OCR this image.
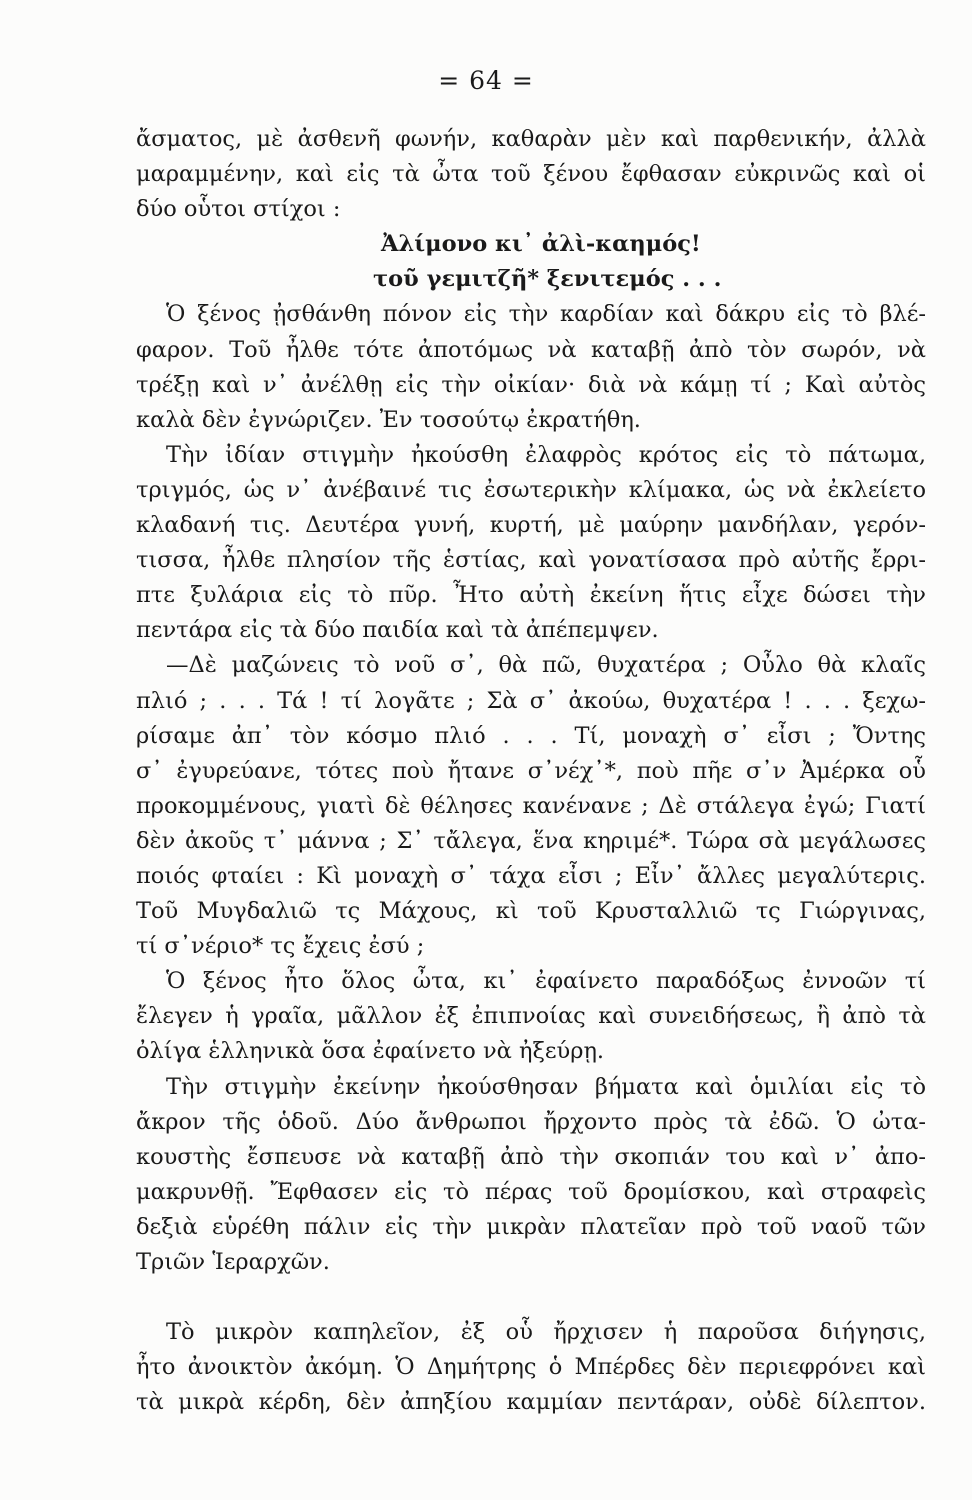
= 64 =
ἄσματος, μὲ ἀσθενῆ φωνήν, καθαρὰν μὲν καὶ παρθενικήν, ἀλλὰ
μαραμμένην, καὶ εἰς τὰ ὦτα τοῦ ξένου ἔφθασαν εὐκρινῶς καὶ οἱ
δύο οὗτοι στίχοι :
Ἀλίμονο κι᾿ ἀλὶ-καημός!
τοῦ γεμιτζῆ* ξενιτεμός . . .
Ὁ ξένος ᾐσθάνθη πόνον εἰς τὴν καρδίαν καὶ δάκρυ εἰς τὸ βλέ-
φαρον. Τοῦ ἦλθε τότε ἀποτόμως νὰ καταβῇ ἀπὸ τὸν σωρόν, νὰ
τρέξῃ καὶ ν᾿ ἀνέλθῃ εἰς τὴν οἰκίαν· διὰ νὰ κάμῃ τί ; Καὶ αὐτὸς
καλὰ δὲν ἐγνώριζεν. Ἐν τοσούτῳ ἐκρατήθη.
Τὴν ἰδίαν στιγμὴν ἠκούσθη ἐλαφρὸς κρότος εἰς τὸ πάτωμα,
τριγμός, ὡς ν᾿ ἀνέβαινέ τις ἐσωτερικὴν κλίμακα, ὡς νὰ ἐκλείετο
κλαδανή τις. Δευτέρα γυνή, κυρτή, μὲ μαύρην μανδήλαν, γερόν-
τισσα, ἦλθε πλησίον τῆς ἑστίας, καὶ γονατίσασα πρὸ αὐτῆς ἔρρι-
πτε ξυλάρια εἰς τὸ πῦρ. Ἦτο αὐτὴ ἐκείνη ἥτις εἶχε δώσει τὴν
πεντάρα εἰς τὰ δύο παιδία καὶ τὰ ἀπέπεμψεν.
—Δὲ μαζώνεις τὸ νοῦ σ᾿, θὰ πῶ, θυχατέρα ; Οὖλο θὰ κλαῖς
πλιό ; . . . Τά ! τί λογᾶτε ; Σὰ σ᾿ ἀκούω, θυχατέρα ! . . . ξεχω-
ρίσαμε ἀπ᾿ τὸν κόσμο πλιό . . . Τί, μοναχὴ σ᾿ εἶσι ; Ὄντης
σ᾿ ἐγυρεύανε, τότες ποὺ ἤτανε σ᾿νέχ᾿*, ποὺ πῆε σ᾿ν Ἀμέρκα οὗ
προκομμένους, γιατὶ δὲ θέλησες κανένανε ; Δὲ στάλεγα ἐγώ; Γιατί
δὲν ἀκοῦς τ᾿ μάννα ; Σ᾿ τἄλεγα, ἕνα κηριμέ*. Τώρα σὰ μεγάλωσες
ποιός φταίει : Κὶ μοναχὴ σ᾿ τάχα εἶσι ; Εἶν᾿ ἄλλες μεγαλύτερις.
Τοῦ Μυγδαλιῶ τς Μάχους, κὶ τοῦ Κρυσταλλιῶ τς Γιώργινας,
τί σ᾿νέριο* τς ἔχεις ἐσύ ;
Ὁ ξένος ἦτο ὅλος ὦτα, κι᾿ ἐφαίνετο παραδόξως ἐννοῶν τί
ἔλεγεν ἡ γραῖα, μᾶλλον ἐξ ἐπιπνοίας καὶ συνειδήσεως, ἢ ἀπὸ τὰ
ὀλίγα ἑλληνικὰ ὅσα ἐφαίνετο νὰ ἠξεύρῃ.
Τὴν στιγμὴν ἐκείνην ἠκούσθησαν βήματα καὶ ὁμιλίαι εἰς τὸ
ἄκρον τῆς ὁδοῦ. Δύο ἄνθρωποι ἤρχοντο πρὸς τὰ ἐδῶ. Ὁ ὠτα-
κουστὴς ἔσπευσε νὰ καταβῇ ἀπὸ τὴν σκοπιάν του καὶ ν᾿ ἀπο-
μακρυνθῇ. Ἔφθασεν εἰς τὸ πέρας τοῦ δρομίσκου, καὶ στραφεὶς
δεξιὰ εὑρέθη πάλιν εἰς τὴν μικρὰν πλατεῖαν πρὸ τοῦ ναοῦ τῶν
Τριῶν Ἱεραρχῶν.
Τὸ μικρὸν καπηλεῖον, ἐξ οὗ ἤρχισεν ἡ παροῦσα διήγησις,
ἦτο ἀνοικτὸν ἀκόμη. Ὁ Δημήτρης ὁ Μπέρδες δὲν περιεφρόνει καὶ
τὰ μικρὰ κέρδη, δὲν ἀπηξίου καμμίαν πεντάραν, οὐδὲ δίλεπτον.
